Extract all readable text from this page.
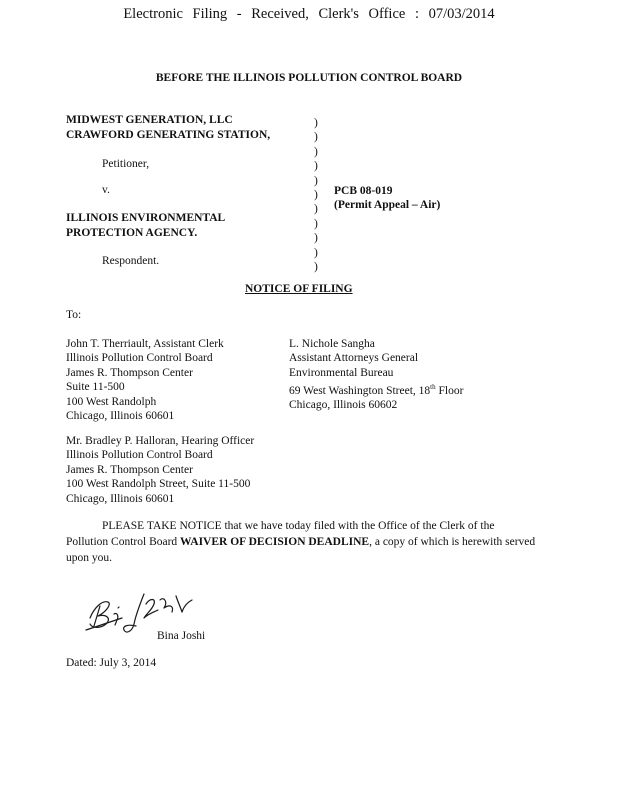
Electronic Filing - Received, Clerk's Office : 07/03/2014
BEFORE THE ILLINOIS POLLUTION CONTROL BOARD
MIDWEST GENERATION, LLC
CRAWFORD GENERATING STATION,
Petitioner,
v.
ILLINOIS ENVIRONMENTAL
PROTECTION AGENCY.
Respondent.
)
)
)
)
)
)
)
)
)
)
)
PCB 08-019
(Permit Appeal – Air)
NOTICE OF FILING
To:
John T. Therriault, Assistant Clerk
Illinois Pollution Control Board
James R. Thompson Center
Suite 11-500
100 West Randolph
Chicago, Illinois 60601
L. Nichole Sangha
Assistant Attorneys General
Environmental Bureau
69 West Washington Street, 18th Floor
Chicago, Illinois 60602
Mr. Bradley P. Halloran, Hearing Officer
Illinois Pollution Control Board
James R. Thompson Center
100 West Randolph Street, Suite 11-500
Chicago, Illinois 60601
PLEASE TAKE NOTICE that we have today filed with the Office of the Clerk of the Pollution Control Board WAIVER OF DECISION DEADLINE, a copy of which is herewith served upon you.
Bina Joshi
Dated: July 3, 2014
